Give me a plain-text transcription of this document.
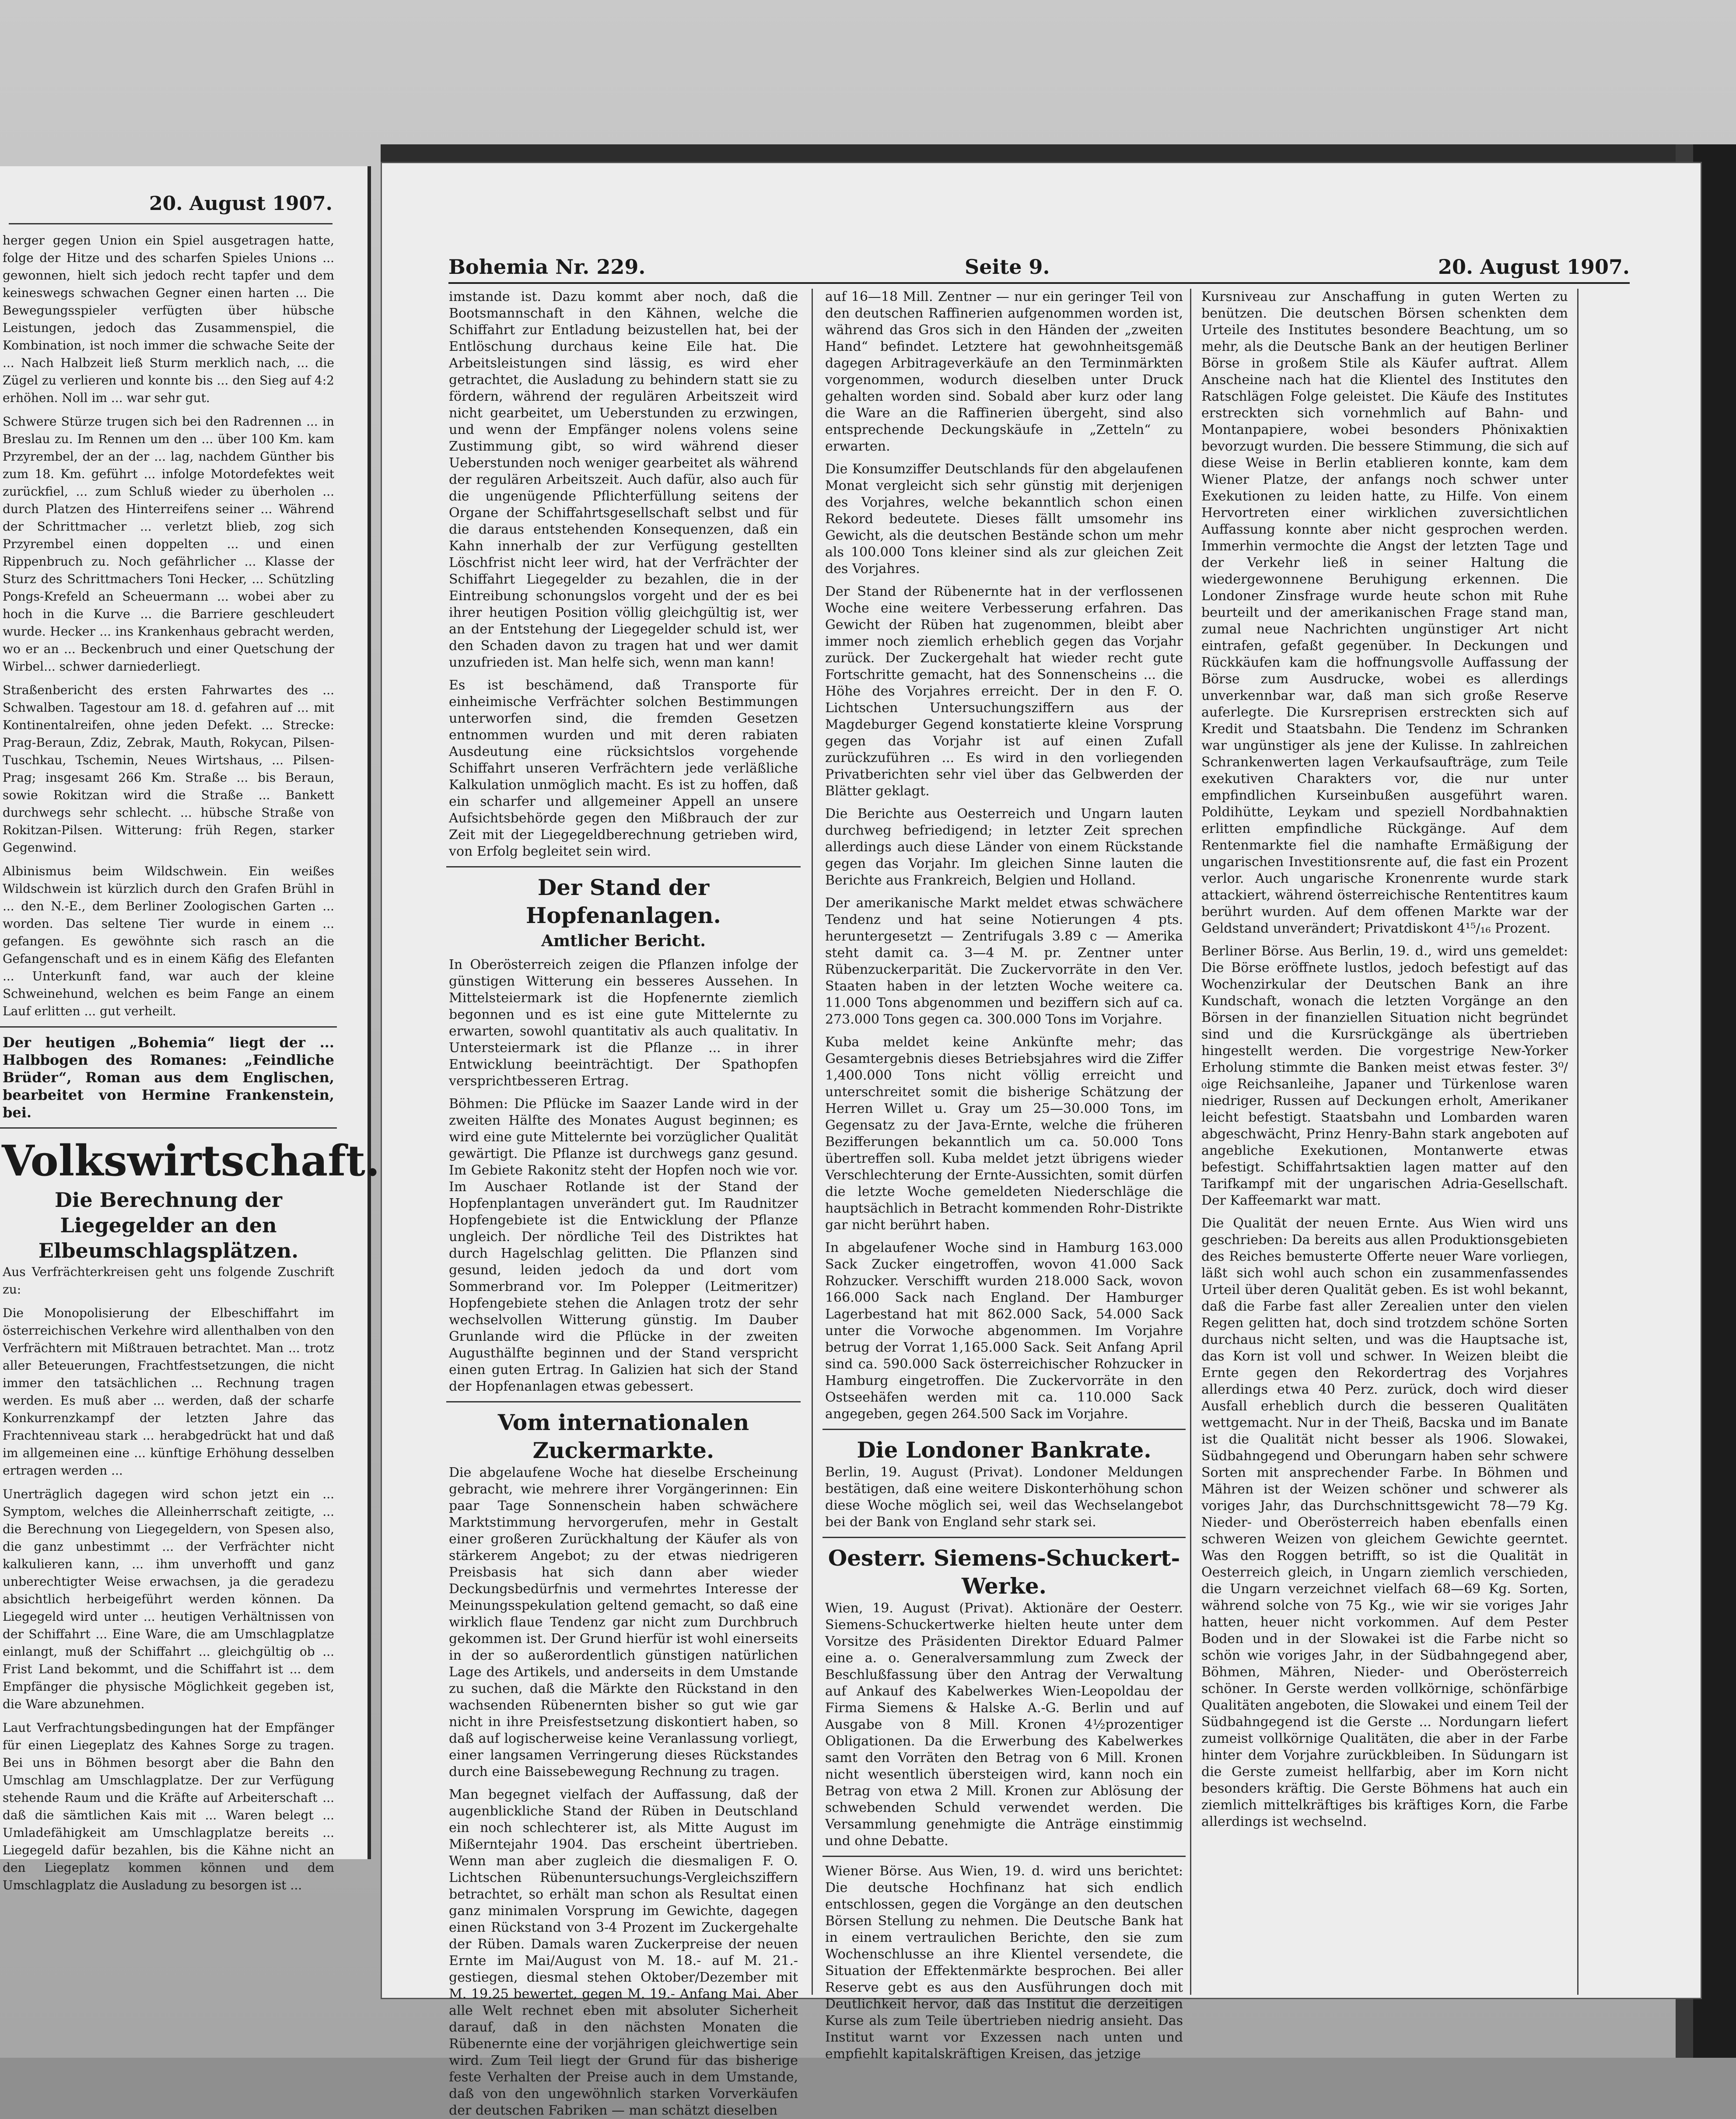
20. August 1907.

herger gegen Union ein Spiel ausgetragen hatte, folge der Hitze und des scharfen Spieles Unions ... gewonnen, hielt sich jedoch recht tapfer und dem keineswegs schwachen Gegner einen harten ... Die Bewegungsspieler verfügten über hübsche Leistungen, jedoch das Zusammenspiel, die Kombination, ist noch immer die schwache Seite der ... Nach Halbzeit ließ Sturm merklich nach, ... die Zügel zu verlieren und konnte bis ... den Sieg auf 4:2 erhöhen. Noll im ... war sehr gut.

Schwere Stürze trugen sich bei den Radrennen ... in Breslau zu. Im Rennen um den ... über 100 Km. kam Przyrembel, der an der ... lag, nachdem Günther bis zum 18. Km. geführt ... infolge Motordefektes weit zurückfiel, ... zum Schluß wieder zu überholen ... durch Platzen des Hinterreifens seiner ... Während der Schrittmacher ... verletzt blieb, zog sich Przyrembel einen doppelten ... und einen Rippenbruch zu. Noch gefährlicher ... Klasse der Sturz des Schrittmachers Toni Hecker, ... Schützling Pongs-Krefeld an Scheuermann ... wobei aber zu hoch in die Kurve ... die Barriere geschleudert wurde. Hecker ... ins Krankenhaus gebracht werden, wo er an ... Beckenbruch und einer Quetschung der Wirbel... schwer darniederliegt.

Straßenbericht des ersten Fahrwartes des ... Schwalben. Tagestour am 18. d. gefahren auf ... mit Kontinentalreifen, ohne jeden Defekt. ... Strecke: Prag-Beraun, Zdiz, Zebrak, Mauth, Rokycan, Pilsen-Tuschkau, Tschemin, Neues Wirtshaus, ... Pilsen-Prag; insgesamt 266 Km. Straße ... bis Beraun, sowie Rokitzan wird die Straße ... Bankett durchwegs sehr schlecht. ... hübsche Straße von Rokitzan-Pilsen. Witterung: früh Regen, starker Gegenwind.

Albinismus beim Wildschwein. Ein weißes Wildschwein ist kürzlich durch den Grafen Brühl in ... den N.-E., dem Berliner Zoologischen Garten ... worden. Das seltene Tier wurde in einem ... gefangen. Es gewöhnte sich rasch an die Gefangenschaft und es in einem Käfig des Elefanten ... Unterkunft fand, war auch der kleine Schweinehund, welchen es beim Fange an einem Lauf erlitten ... gut verheilt.

Der heutigen „Bohemia“ liegt der ... Halbbogen des Romanes: „Feindliche Brüder“, Roman aus dem Englischen, bearbeitet von Hermine Frankenstein, bei.

Volkswirtschaft.
Die Berechnung der Liegegelder an den Elbeumschlagsplätzen.

Aus Verfrächterkreisen geht uns folgende Zuschrift zu:

Die Monopolisierung der Elbeschiffahrt im österreichischen Verkehre wird allenthalben von den Verfrächtern mit Mißtrauen betrachtet. Man ... trotz aller Beteuerungen, Frachtfestsetzungen, die nicht immer den tatsächlichen ... Rechnung tragen werden. Es muß aber ... werden, daß der scharfe Konkurrenzkampf der letzten Jahre das Frachtenniveau stark ... herabgedrückt hat und daß im allgemeinen eine ... künftige Erhöhung desselben ertragen werden ...

Unerträglich dagegen wird schon jetzt ein ... Symptom, welches die Alleinherrschaft zeitigte, ... die Berechnung von Liegegeldern, von Spesen also, die ganz unbestimmt ... der Verfrächter nicht kalkulieren kann, ... ihm unverhofft und ganz unberechtigter Weise erwachsen, ja die geradezu absichtlich herbeigeführt werden können. Da Liegegeld wird unter ... heutigen Verhältnissen von der Schiffahrt ... Eine Ware, die am Umschlagplatze einlangt, muß der Schiffahrt ... gleichgültig ob ... Frist Land bekommt, und die Schiffahrt ist ... dem Empfänger die physische Möglichkeit gegeben ist, die Ware abzunehmen.

Laut Verfrachtungsbedingungen hat der Empfänger für einen Liegeplatz des Kahnes Sorge zu tragen. Bei uns in Böhmen besorgt aber die Bahn den Umschlag am Umschlagplatze. Der zur Verfügung stehende Raum und die Kräfte auf Arbeiterschaft ... daß die sämtlichen Kais mit ... Waren belegt ... Umladefähigkeit am Umschlagplatze bereits ... Liegegeld dafür bezahlen, bis die Kähne nicht an den Liegeplatz kommen können und dem Umschlagplatz die Ausladung zu besorgen ist ...

Bohemia Nr. 229.	Seite 9.	20. August 1907.

imstande ist. Dazu kommt aber noch, daß die Bootsmannschaft in den Kähnen, welche die Schiffahrt zur Entladung beizustellen hat, bei der Entlöschung durchaus keine Eile hat. Die Arbeitsleistungen sind lässig, es wird eher getrachtet, die Ausladung zu behindern statt sie zu fördern, während der regulären Arbeitszeit wird nicht gearbeitet, um Ueberstunden zu erzwingen, und wenn der Empfänger nolens volens seine Zustimmung gibt, so wird während dieser Ueberstunden noch weniger gearbeitet als während der regulären Arbeitszeit. Auch dafür, also auch für die ungenügende Pflichterfüllung seitens der Organe der Schiffahrtsgesellschaft selbst und für die daraus entstehenden Konsequenzen, daß ein Kahn innerhalb der zur Verfügung gestellten Löschfrist nicht leer wird, hat der Verfrächter der Schiffahrt Liegegelder zu bezahlen, die in der Eintreibung schonungslos vorgeht und der es bei ihrer heutigen Position völlig gleichgültig ist, wer an der Entstehung der Liegegelder schuld ist, wer den Schaden davon zu tragen hat und wer damit unzufrieden ist. Man helfe sich, wenn man kann!

Es ist beschämend, daß Transporte für einheimische Verfrächter solchen Bestimmungen unterworfen sind, die fremden Gesetzen entnommen wurden und mit deren rabiaten Ausdeutung eine rücksichtslos vorgehende Schiffahrt unseren Verfrächtern jede verläßliche Kalkulation unmöglich macht. Es ist zu hoffen, daß ein scharfer und allgemeiner Appell an unsere Aufsichtsbehörde gegen den Mißbrauch der zur Zeit mit der Liegegeldberechnung getrieben wird, von Erfolg begleitet sein wird.

Der Stand der Hopfenanlagen.
Amtlicher Bericht.

In Oberösterreich zeigen die Pflanzen infolge der günstigen Witterung ein besseres Aussehen. In Mittelsteiermark ist die Hopfenernte ziemlich begonnen und es ist eine gute Mittelernte zu erwarten, sowohl quantitativ als auch qualitativ. In Untersteiermark ist die Pflanze ... in ihrer Entwicklung beeinträchtigt. Der Spathopfen versprichtbesseren Ertrag.

Böhmen: Die Pflücke im Saazer Lande wird in der zweiten Hälfte des Monates August beginnen; es wird eine gute Mittelernte bei vorzüglicher Qualität gewärtigt. Die Pflanze ist durchwegs ganz gesund. Im Gebiete Rakonitz steht der Hopfen noch wie vor. Im Auschaer Rotlande ist der Stand der Hopfenplantagen unverändert gut. Im Raudnitzer Hopfengebiete ist die Entwicklung der Pflanze ungleich. Der nördliche Teil des Distriktes hat durch Hagelschlag gelitten. Die Pflanzen sind gesund, leiden jedoch da und dort vom Sommerbrand vor. Im Polepper (Leitmeritzer) Hopfengebiete stehen die Anlagen trotz der sehr wechselvollen Witterung günstig. Im Dauber Grunlande wird die Pflücke in der zweiten Augusthälfte beginnen und der Stand verspricht einen guten Ertrag. In Galizien hat sich der Stand der Hopfenanlagen etwas gebessert.

Vom internationalen Zuckermarkte.

Die abgelaufene Woche hat dieselbe Erscheinung gebracht, wie mehrere ihrer Vorgängerinnen: Ein paar Tage Sonnenschein haben schwächere Marktstimmung hervorgerufen, mehr in Gestalt einer großeren Zurückhaltung der Käufer als von stärkerem Angebot; zu der etwas niedrigeren Preisbasis hat sich dann aber wieder Deckungsbedürfnis und vermehrtes Interesse der Meinungsspekulation geltend gemacht, so daß eine wirklich flaue Tendenz gar nicht zum Durchbruch gekommen ist. Der Grund hierfür ist wohl einerseits in der so außerordentlich günstigen natürlichen Lage des Artikels, und anderseits in dem Umstande zu suchen, daß die Märkte den Rückstand in den wachsenden Rübenernten bisher so gut wie gar nicht in ihre Preisfestsetzung diskontiert haben, so daß auf logischerweise keine Veranlassung vorliegt, einer langsamen Verringerung dieses Rückstandes durch eine Baissebewegung Rechnung zu tragen.

Man begegnet vielfach der Auffassung, daß der augenblickliche Stand der Rüben in Deutschland ein noch schlechterer ist, als Mitte August im Mißerntejahr 1904. Das erscheint übertrieben. Wenn man aber zugleich die diesmaligen F. O. Lichtschen Rübenuntersuchungs-Vergleichsziffern betrachtet, so erhält man schon als Resultat einen ganz minimalen Vorsprung im Gewichte, dagegen einen Rückstand von 3-4 Prozent im Zuckergehalte der Rüben. Damals waren Zuckerpreise der neuen Ernte im Mai/August von M. 18.- auf M. 21.- gestiegen, diesmal stehen Oktober/Dezember mit M. 19.25 bewertet, gegen M. 19.- Anfang Mai. Aber alle Welt rechnet eben mit absoluter Sicherheit darauf, daß in den nächsten Monaten die Rübenernte eine der vorjährigen gleichwertige sein wird. Zum Teil liegt der Grund für das bisherige feste Verhalten der Preise auch in dem Umstande, daß von den ungewöhnlich starken Vorverkäufen der deutschen Fabriken — man schätzt dieselben

auf 16—18 Mill. Zentner — nur ein geringer Teil von den deutschen Raffinerien aufgenommen worden ist, während das Gros sich in den Händen der „zweiten Hand“ befindet. Letztere hat gewohnheitsgemäß dagegen Arbitrageverkäufe an den Terminmärkten vorgenommen, wodurch dieselben unter Druck gehalten worden sind. Sobald aber kurz oder lang die Ware an die Raffinerien übergeht, sind also entsprechende Deckungskäufe in „Zetteln“ zu erwarten.

Die Konsumziffer Deutschlands für den abgelaufenen Monat vergleicht sich sehr günstig mit derjenigen des Vorjahres, welche bekanntlich schon einen Rekord bedeutete. Dieses fällt umsomehr ins Gewicht, als die deutschen Bestände schon um mehr als 100.000 Tons kleiner sind als zur gleichen Zeit des Vorjahres.

Der Stand der Rübenernte hat in der verflossenen Woche eine weitere Verbesserung erfahren. Das Gewicht der Rüben hat zugenommen, bleibt aber immer noch ziemlich erheblich gegen das Vorjahr zurück. Der Zuckergehalt hat wieder recht gute Fortschritte gemacht, hat des Sonnenscheins ... die Höhe des Vorjahres erreicht. Der in den F. O. Lichtschen Untersuchungsziffern aus der Magdeburger Gegend konstatierte kleine Vorsprung gegen das Vorjahr ist auf einen Zufall zurückzuführen ... Es wird in den vorliegenden Privatberichten sehr viel über das Gelbwerden der Blätter geklagt.

Die Berichte aus Oesterreich und Ungarn lauten durchweg befriedigend; in letzter Zeit sprechen allerdings auch diese Länder von einem Rückstande gegen das Vorjahr. Im gleichen Sinne lauten die Berichte aus Frankreich, Belgien und Holland.

Der amerikanische Markt meldet etwas schwächere Tendenz und hat seine Notierungen 4 pts. heruntergesetzt — Zentrifugals 3.89 c — Amerika steht damit ca. 3—4 M. pr. Zentner unter Rübenzuckerparität. Die Zuckervorräte in den Ver. Staaten haben in der letzten Woche weitere ca. 11.000 Tons abgenommen und beziffern sich auf ca. 273.000 Tons gegen ca. 300.000 Tons im Vorjahre.

Kuba meldet keine Ankünfte mehr; das Gesamtergebnis dieses Betriebsjahres wird die Ziffer 1,400.000 Tons nicht völlig erreicht und unterschreitet somit die bisherige Schätzung der Herren Willet u. Gray um 25—30.000 Tons, im Gegensatz zu der Java-Ernte, welche die früheren Bezifferungen bekanntlich um ca. 50.000 Tons übertreffen soll. Kuba meldet jetzt übrigens wieder Verschlechterung der Ernte-Aussichten, somit dürfen die letzte Woche gemeldeten Niederschläge die hauptsächlich in Betracht kommenden Rohr-Distrikte gar nicht berührt haben.

In abgelaufener Woche sind in Hamburg 163.000 Sack Zucker eingetroffen, wovon 41.000 Sack Rohzucker. Verschifft wurden 218.000 Sack, wovon 166.000 Sack nach England. Der Hamburger Lagerbestand hat mit 862.000 Sack, 54.000 Sack unter die Vorwoche abgenommen. Im Vorjahre betrug der Vorrat 1,165.000 Sack. Seit Anfang April sind ca. 590.000 Sack österreichischer Rohzucker in Hamburg eingetroffen. Die Zuckervorräte in den Ostseehäfen werden mit ca. 110.000 Sack angegeben, gegen 264.500 Sack im Vorjahre.

Die Londoner Bankrate.

Berlin, 19. August (Privat). Londoner Meldungen bestätigen, daß eine weitere Diskonterhöhung schon diese Woche möglich sei, weil das Wechselangebot bei der Bank von England sehr stark sei.

Oesterr. Siemens-Schuckert-Werke.

Wien, 19. August (Privat). Aktionäre der Oesterr. Siemens-Schuckertwerke hielten heute unter dem Vorsitze des Präsidenten Direktor Eduard Palmer eine a. o. Generalversammlung zum Zweck der Beschlußfassung über den Antrag der Verwaltung auf Ankauf des Kabelwerkes Wien-Leopoldau der Firma Siemens & Halske A.-G. Berlin und auf Ausgabe von 8 Mill. Kronen 4½prozentiger Obligationen. Da die Erwerbung des Kabelwerkes samt den Vorräten den Betrag von 6 Mill. Kronen nicht wesentlich übersteigen wird, kann noch ein Betrag von etwa 2 Mill. Kronen zur Ablösung der schwebenden Schuld verwendet werden. Die Versammlung genehmigte die Anträge einstimmig und ohne Debatte.

Wiener Börse. Aus Wien, 19. d. wird uns berichtet: Die deutsche Hochfinanz hat sich endlich entschlossen, gegen die Vorgänge an den deutschen Börsen Stellung zu nehmen. Die Deutsche Bank hat in einem vertraulichen Berichte, den sie zum Wochenschlusse an ihre Klientel versendete, die Situation der Effektenmärkte besprochen. Bei aller Reserve gebt es aus den Ausführungen doch mit Deutlichkeit hervor, daß das Institut die derzeitigen Kurse als zum Teile übertrieben niedrig ansieht. Das Institut warnt vor Exzessen nach unten und empfiehlt kapitalskräftigen Kreisen, das jetzige

Kursniveau zur Anschaffung in guten Werten zu benützen. Die deutschen Börsen schenkten dem Urteile des Institutes besondere Beachtung, um so mehr, als die Deutsche Bank an der heutigen Berliner Börse in großem Stile als Käufer auftrat. Allem Anscheine nach hat die Klientel des Institutes den Ratschlägen Folge geleistet. Die Käufe des Institutes erstreckten sich vornehmlich auf Bahn- und Montanpapiere, wobei besonders Phönixaktien bevorzugt wurden. Die bessere Stimmung, die sich auf diese Weise in Berlin etablieren konnte, kam dem Wiener Platze, der anfangs noch schwer unter Exekutionen zu leiden hatte, zu Hilfe. Von einem Hervortreten einer wirklichen zuversichtlichen Auffassung konnte aber nicht gesprochen werden. Immerhin vermochte die Angst der letzten Tage und der Verkehr ließ in seiner Haltung die wiedergewonnene Beruhigung erkennen. Die Londoner Zinsfrage wurde heute schon mit Ruhe beurteilt und der amerikanischen Frage stand man, zumal neue Nachrichten ungünstiger Art nicht eintrafen, gefaßt gegenüber. In Deckungen und Rückkäufen kam die hoffnungsvolle Auffassung der Börse zum Ausdrucke, wobei es allerdings unverkennbar war, daß man sich große Reserve auferlegte. Die Kursreprisen erstreckten sich auf Kredit und Staatsbahn. Die Tendenz im Schranken war ungünstiger als jene der Kulisse. In zahlreichen Schrankenwerten lagen Verkaufsaufträge, zum Teile exekutiven Charakters vor, die nur unter empfindlichen Kurseinbußen ausgeführt waren. Poldihütte, Leykam und speziell Nordbahnaktien erlitten empfindliche Rückgänge. Auf dem Rentenmarkte fiel die namhafte Ermäßigung der ungarischen Investitionsrente auf, die fast ein Prozent verlor. Auch ungarische Kronenrente wurde stark attackiert, während österreichische Rententitres kaum berührt wurden. Auf dem offenen Markte war der Geldstand unverändert; Privatdiskont 4¹⁵/₁₆ Prozent.

Berliner Börse. Aus Berlin, 19. d., wird uns gemeldet: Die Börse eröffnete lustlos, jedoch befestigt auf das Wochenzirkular der Deutschen Bank an ihre Kundschaft, wonach die letzten Vorgänge an den Börsen in der finanziellen Situation nicht begründet sind und die Kursrückgänge als übertrieben hingestellt werden. Die vorgestrige New-Yorker Erholung stimmte die Banken meist etwas fester. 3⁰/₀ige Reichsanleihe, Japaner und Türkenlose waren niedriger, Russen auf Deckungen erholt, Amerikaner leicht befestigt. Staatsbahn und Lombarden waren abgeschwächt, Prinz Henry-Bahn stark angeboten auf angebliche Exekutionen, Montanwerte etwas befestigt. Schiffahrtsaktien lagen matter auf den Tarifkampf mit der ungarischen Adria-Gesellschaft. Der Kaffeemarkt war matt.

Die Qualität der neuen Ernte. Aus Wien wird uns geschrieben: Da bereits aus allen Produktionsgebieten des Reiches bemusterte Offerte neuer Ware vorliegen, läßt sich wohl auch schon ein zusammenfassendes Urteil über deren Qualität geben. Es ist wohl bekannt, daß die Farbe fast aller Zerealien unter den vielen Regen gelitten hat, doch sind trotzdem schöne Sorten durchaus nicht selten, und was die Hauptsache ist, das Korn ist voll und schwer. In Weizen bleibt die Ernte gegen den Rekordertrag des Vorjahres allerdings etwa 40 Perz. zurück, doch wird dieser Ausfall erheblich durch die besseren Qualitäten wettgemacht. Nur in der Theiß, Bacska und im Banate ist die Qualität nicht besser als 1906. Slowakei, Südbahngegend und Oberungarn haben sehr schwere Sorten mit ansprechender Farbe. In Böhmen und Mähren ist der Weizen schöner und schwerer als voriges Jahr, das Durchschnittsgewicht 78—79 Kg. Nieder- und Oberösterreich haben ebenfalls einen schweren Weizen von gleichem Gewichte geerntet. Was den Roggen betrifft, so ist die Qualität in Oesterreich gleich, in Ungarn ziemlich verschieden, die Ungarn verzeichnet vielfach 68—69 Kg. Sorten, während solche von 75 Kg., wie wir sie voriges Jahr hatten, heuer nicht vorkommen. Auf dem Pester Boden und in der Slowakei ist die Farbe nicht so schön wie voriges Jahr, in der Südbahngegend aber, Böhmen, Mähren, Nieder- und Oberösterreich schöner. In Gerste werden vollkörnige, schönfärbige Qualitäten angeboten, die Slowakei und einem Teil der Südbahngegend ist die Gerste ... Nordungarn liefert zumeist vollkörnige Qualitäten, die aber in der Farbe hinter dem Vorjahre zurückbleiben. In Südungarn ist die Gerste zumeist hellfarbig, aber im Korn nicht besonders kräftig. Die Gerste Böhmens hat auch ein ziemlich mittelkräftiges bis kräftiges Korn, die Farbe allerdings ist wechselnd.
